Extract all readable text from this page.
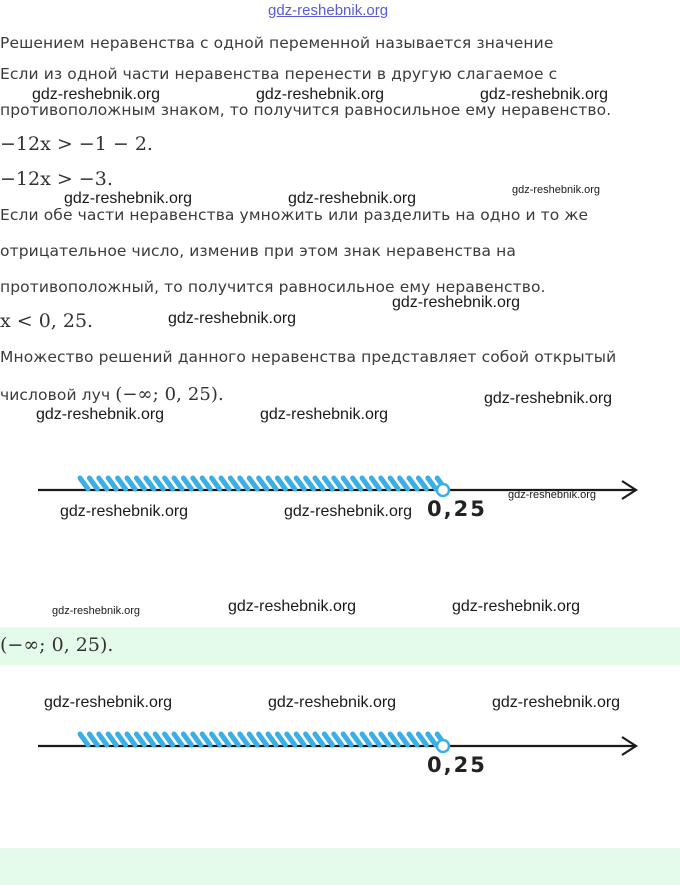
gdz-reshebnik.org
Решением неравенства с одной переменной называется значение
Если из одной части неравенства перенести в другую слагаемое с
противоположным знаком, то получится равносильное ему неравенство.
−12x > −1 − 2.
−12x > −3.
Если обе части неравенства умножить или разделить на одно и то же
отрицательное число, изменив при этом знак неравенства на
противоположный, то получится равносильное ему неравенство.
x < 0, 25.
Множество решений данного неравенства представляет собой открытый
числовой луч (−∞; 0, 25).
0,25
(−∞; 0, 25).
0,25
gdz-reshebnik.org	gdz-reshebnik.org	gdz-reshebnik.org
gdz-reshebnik.org	gdz-reshebnik.org	gdz-reshebnik.org
gdz-reshebnik.org
gdz-reshebnik.org
gdz-reshebnik.org
gdz-reshebnik.org	gdz-reshebnik.org
gdz-reshebnik.org
gdz-reshebnik.org	gdz-reshebnik.org
gdz-reshebnik.org	gdz-reshebnik.org	gdz-reshebnik.org
gdz-reshebnik.org	gdz-reshebnik.org	gdz-reshebnik.org
